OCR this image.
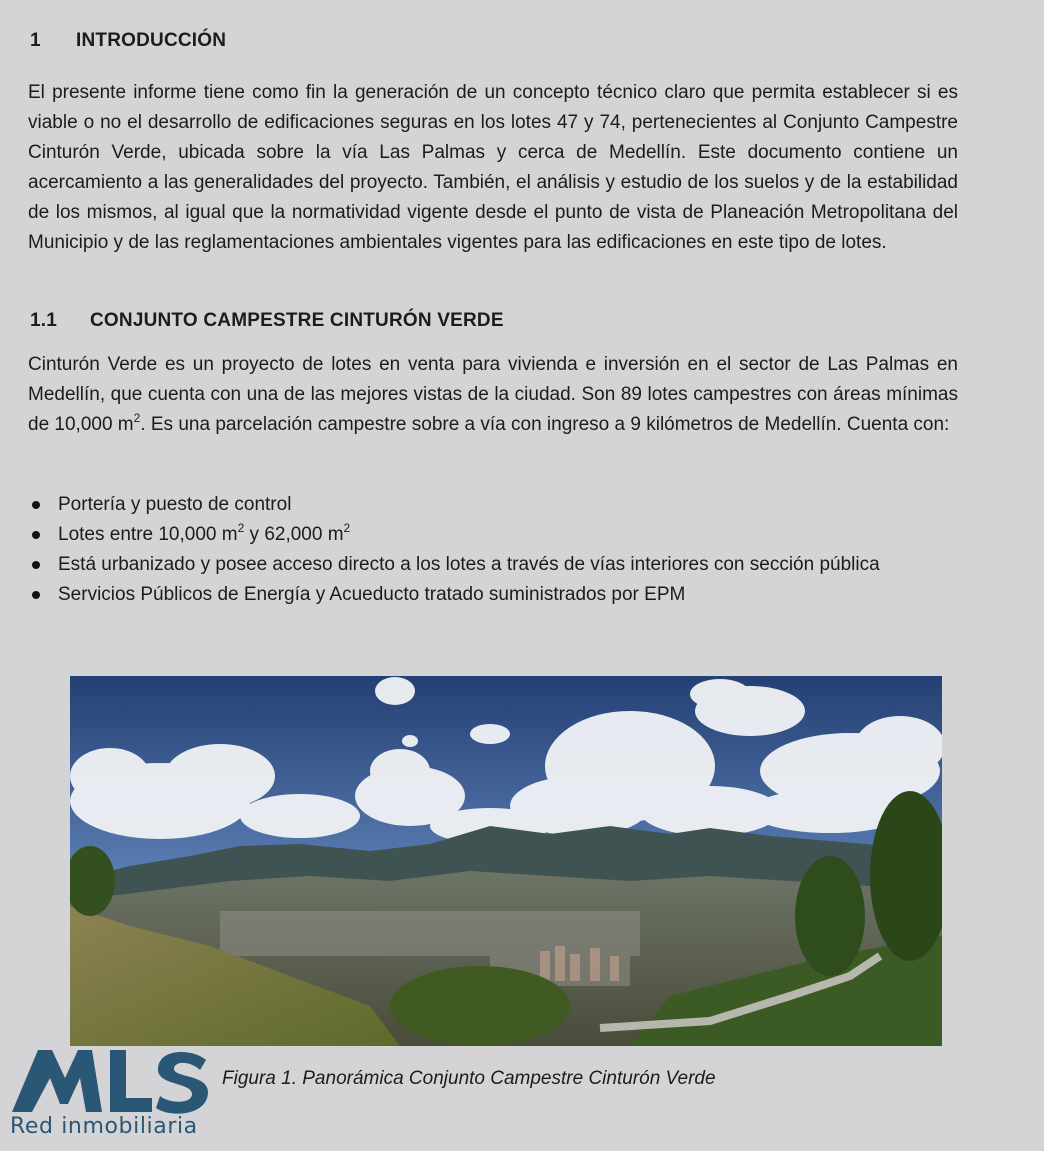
1 INTRODUCCIÓN

El presente informe tiene como fin la generación de un concepto técnico claro que permita establecer si es viable o no el desarrollo de edificaciones seguras en los lotes 47 y 74, pertenecientes al Conjunto Campestre Cinturón Verde, ubicada sobre la vía Las Palmas y cerca de Medellín. Este documento contiene un acercamiento a las generalidades del proyecto. También, el análisis y estudio de los suelos y de la estabilidad de los mismos, al igual que la normatividad vigente desde el punto de vista de Planeación Metropolitana del Municipio y de las reglamentaciones ambientales vigentes para las edificaciones en este tipo de lotes.

1.1 CONJUNTO CAMPESTRE CINTURÓN VERDE

Cinturón Verde es un proyecto de lotes en venta para vivienda e inversión en el sector de Las Palmas en Medellín, que cuenta con una de las mejores vistas de la ciudad. Son 89 lotes campestres con áreas mínimas de 10,000 $m^2$. Es una parcelación campestre sobre a vía con ingreso a 9 kilómetros de Medellín. Cuenta con:

Portería y puesto de control
Lotes entre 10,000 $m^2$ y 62,000 $m^2$
Está urbanizado y posee acceso directo a los lotes a través de vías interiores con sección pública
Servicios Públicos de Energía y Acueducto tratado suministrados por EPM
Figura 1. Panorámica Conjunto Campestre Cinturón Verde
Red inmobiliaria
